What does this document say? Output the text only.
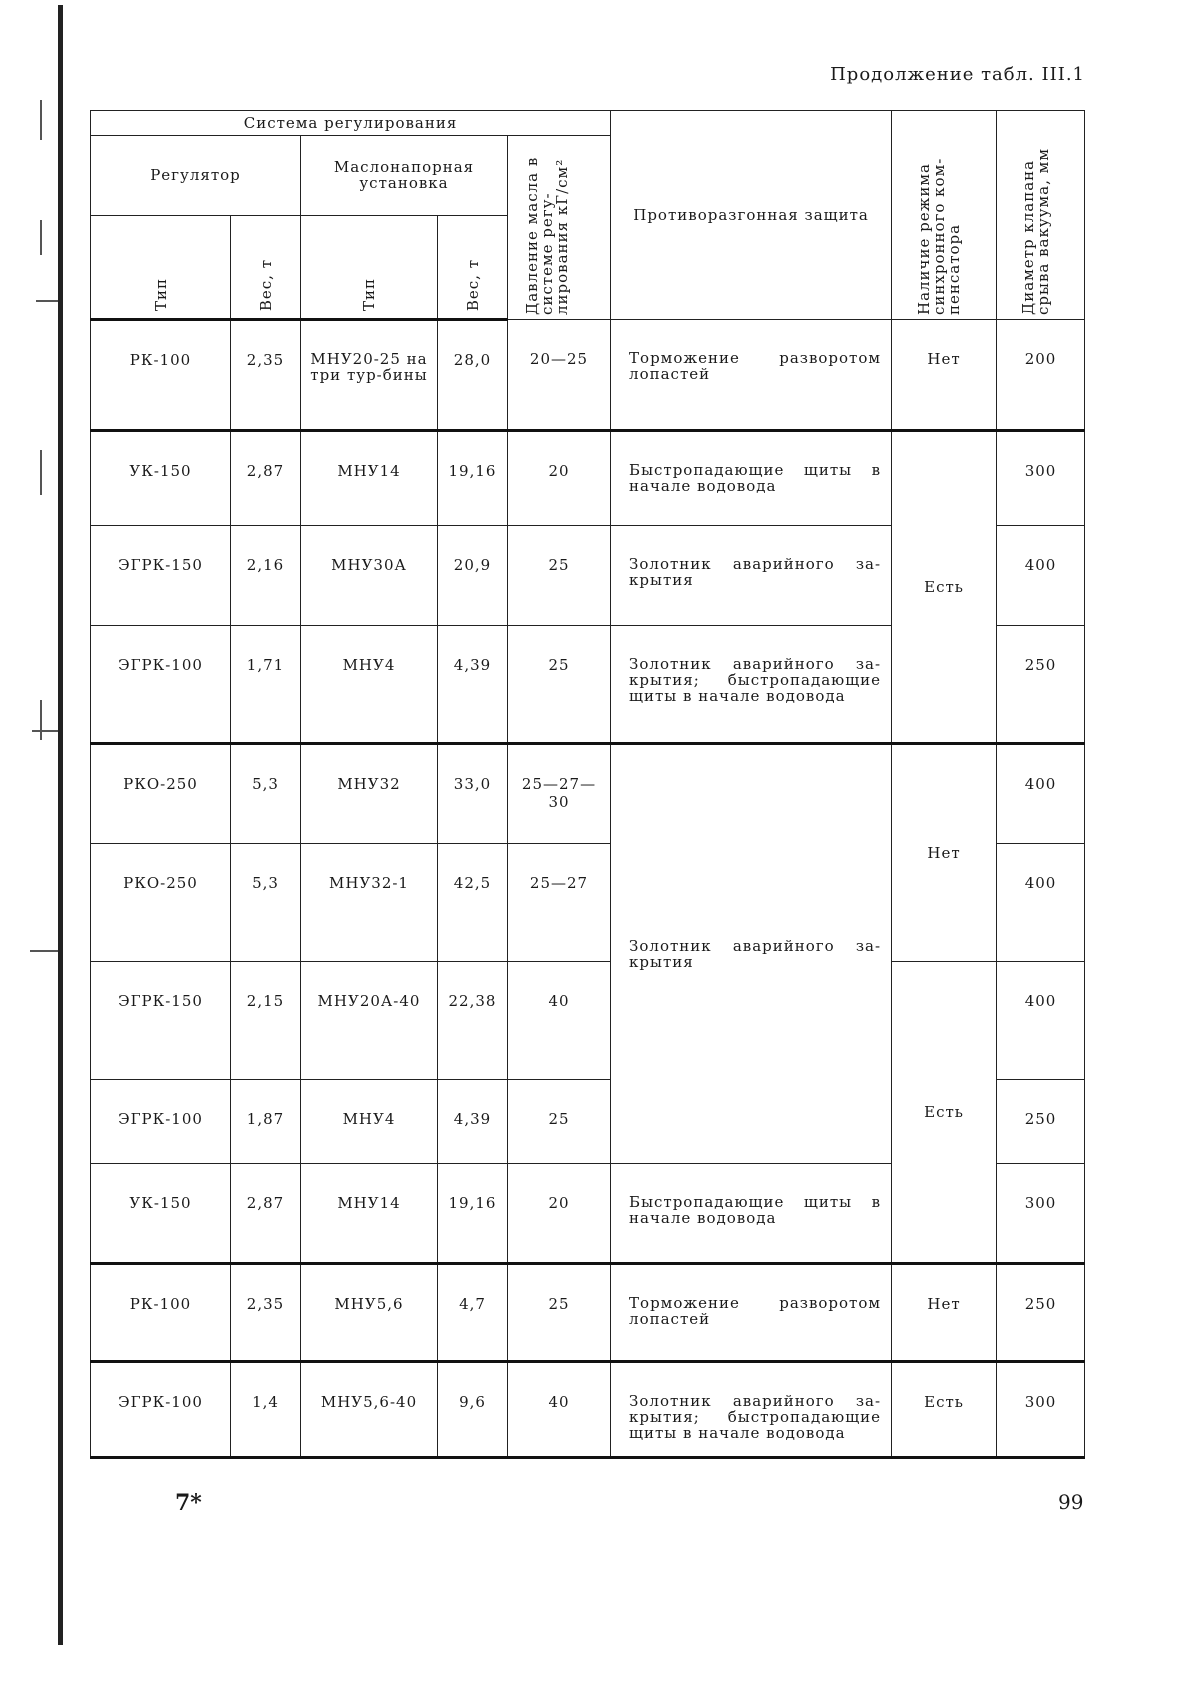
Продолжение табл. III.1
Система регулирования					Противоразгонная защита	Наличие режима синхронного ком-пенсатора	Диаметр клапана срыва вакуума, мм

Регулятор		Маслонапорная установка		Давление масла в системе регу-лирования кГ/см²			

Тип	Вес, т	Тип	Вес, т				
РК-100	2,35	МНУ20-25 на три тур-бины	28,0	20—25	Торможение разворотом лопастей	Нет	200
УК-150	2,87	МНУ14	19,16	20	Быстропадающие щиты в начале водовода	Есть	300
ЭГРК-150	2,16	МНУ30А	20,9	25	Золотник аварийного за-крытия		400
ЭГРК-100	1,71	МНУ4	4,39	25	Золотник аварийного за-крытия; быстропадающие щиты в начале водовода		250
РКО-250	5,3	МНУ32	33,0	25—27—30	Золотник аварийного за-крытия	Нет	400
РКО-250	5,3	МНУ32-1	42,5	25—27			400
ЭГРК-150	2,15	МНУ20А-40	22,38	40		Есть	400
ЭГРК-100	1,87	МНУ4	4,39	25			250
УК-150	2,87	МНУ14	19,16	20	Быстропадающие щиты в начале водовода		300
РК-100	2,35	МНУ5,6	4,7	25	Торможение разворотом лопастей	Нет	250
ЭГРК-100	1,4	МНУ5,6-40	9,6	40	Золотник аварийного за-крытия; быстропадающие щиты в начале водовода	Есть	300
7*	99
